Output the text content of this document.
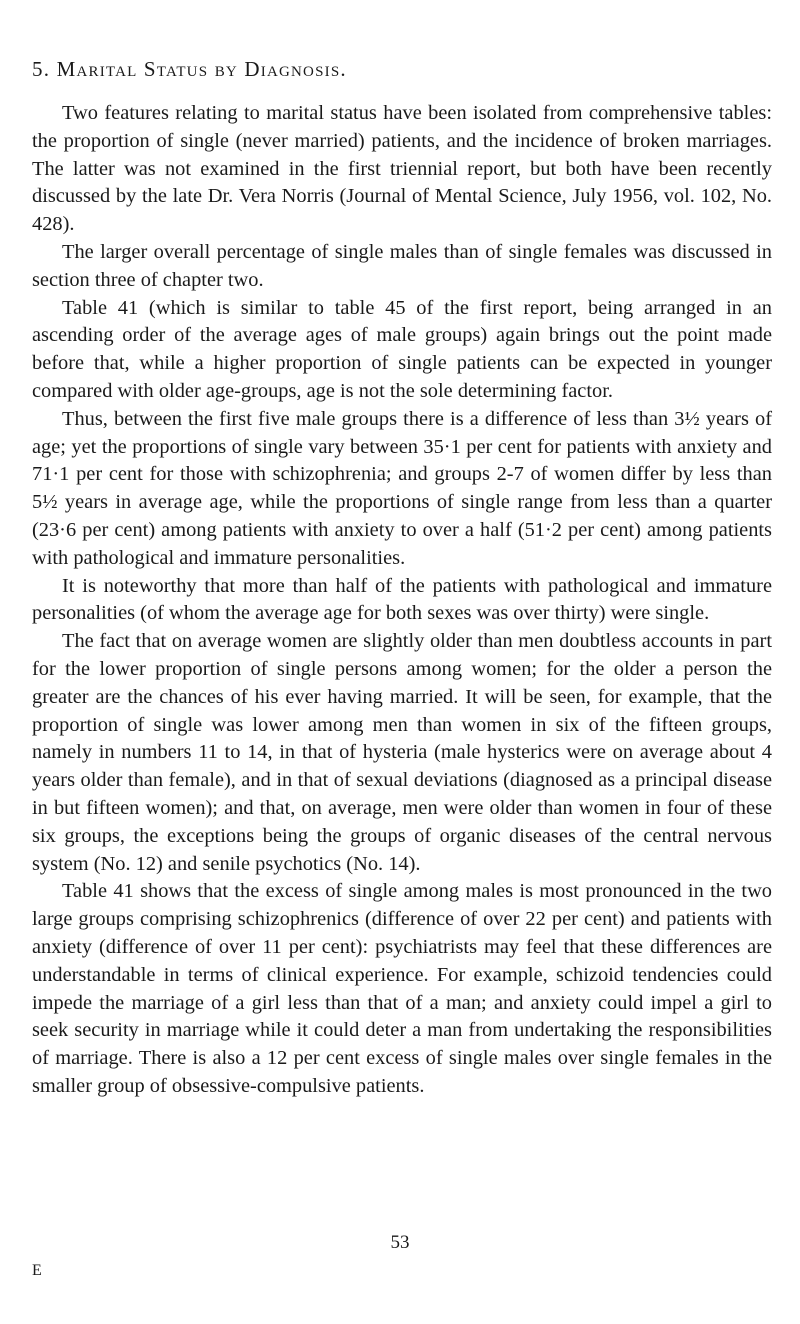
5. Marital Status by Diagnosis.

Two features relating to marital status have been isolated from comprehensive tables: the proportion of single (never married) patients, and the incidence of broken marriages. The latter was not examined in the first triennial report, but both have been recently discussed by the late Dr. Vera Norris (Journal of Mental Science, July 1956, vol. 102, No. 428).

The larger overall percentage of single males than of single females was discussed in section three of chapter two.

Table 41 (which is similar to table 45 of the first report, being arranged in an ascending order of the average ages of male groups) again brings out the point made before that, while a higher proportion of single patients can be expected in younger compared with older age-groups, age is not the sole determining factor.

Thus, between the first five male groups there is a difference of less than 3½ years of age; yet the proportions of single vary between 35·1 per cent for patients with anxiety and 71·1 per cent for those with schizophrenia; and groups 2-7 of women differ by less than 5½ years in average age, while the proportions of single range from less than a quarter (23·6 per cent) among patients with anxiety to over a half (51·2 per cent) among patients with pathological and immature personalities.

It is noteworthy that more than half of the patients with pathological and immature personalities (of whom the average age for both sexes was over thirty) were single.

The fact that on average women are slightly older than men doubtless accounts in part for the lower proportion of single persons among women; for the older a person the greater are the chances of his ever having married. It will be seen, for example, that the proportion of single was lower among men than women in six of the fifteen groups, namely in numbers 11 to 14, in that of hysteria (male hysterics were on average about 4 years older than female), and in that of sexual deviations (diagnosed as a principal disease in but fifteen women); and that, on average, men were older than women in four of these six groups, the exceptions being the groups of organic diseases of the central nervous system (No. 12) and senile psychotics (No. 14).

Table 41 shows that the excess of single among males is most pronounced in the two large groups comprising schizophrenics (difference of over 22 per cent) and patients with anxiety (difference of over 11 per cent): psychiatrists may feel that these differences are understandable in terms of clinical experience. For example, schizoid tendencies could impede the marriage of a girl less than that of a man; and anxiety could impel a girl to seek security in marriage while it could deter a man from undertaking the responsibilities of marriage. There is also a 12 per cent excess of single males over single females in the smaller group of obsessive-compulsive patients.

53
E
